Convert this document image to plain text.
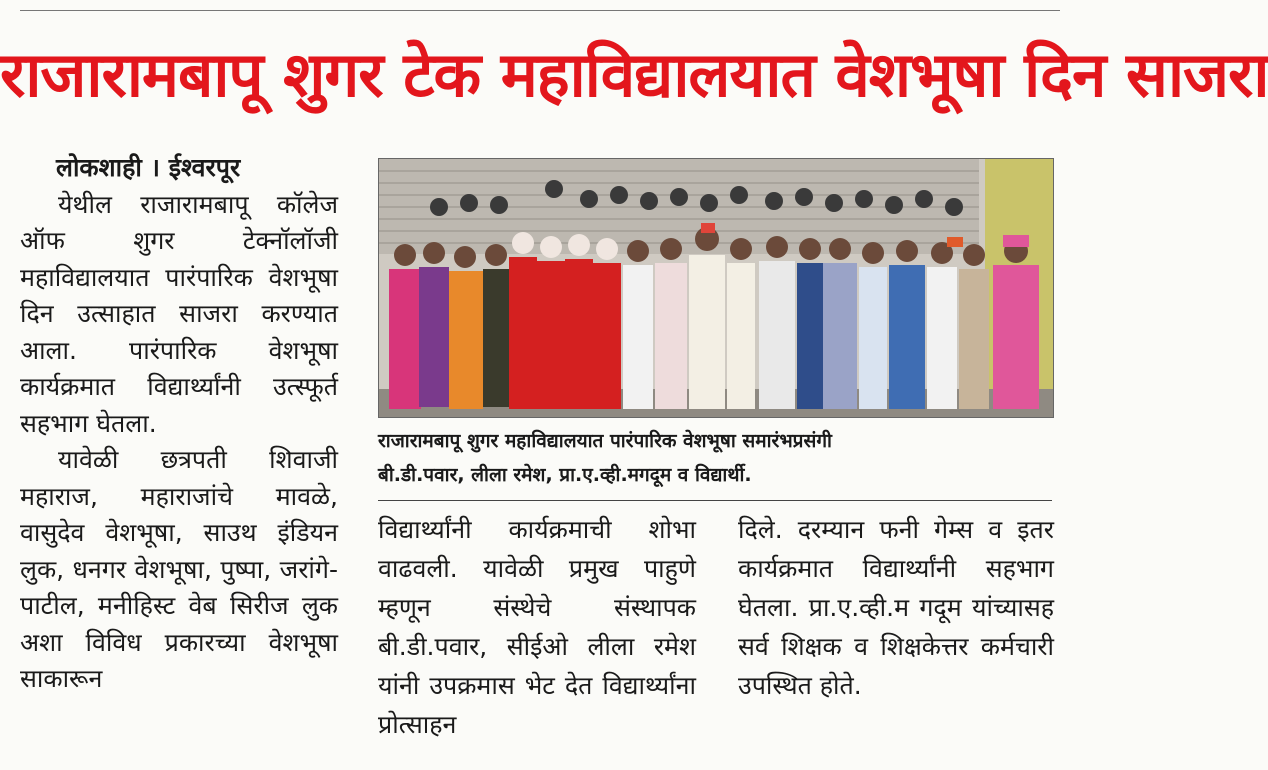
राजारामबापू शुगर टेक महाविद्यालयात वेशभूषा दिन साजरा

लोकशाही । ईश्वरपूर

येथील राजारामबापू कॉलेज ऑफ शुगर टेक्नॉलॉजी महाविद्यालयात पारंपारिक वेशभूषा दिन उत्साहात साजरा करण्यात आला. पारंपारिक वेशभूषा कार्यक्रमात विद्यार्थ्यांनी उत्स्फूर्त सहभाग घेतला.

यावेळी छत्रपती शिवाजी महाराज, महाराजांचे मावळे, वासुदेव वेशभूषा, साउथ इंडियन लुक, धनगर वेशभूषा, पुष्पा, जरांगे-पाटील, मनीहिस्ट वेब सिरीज लुक अशा विविध प्रकारच्या वेशभूषा साकारून

राजारामबापू शुगर महाविद्यालयात पारंपारिक वेशभूषा समारंभप्रसंगी
बी.डी.पवार, लीला रमेश, प्रा.ए.व्ही.मगदूम व विद्यार्थी.

विद्यार्थ्यांनी कार्यक्रमाची शोभा वाढवली. यावेळी प्रमुख पाहुणे म्हणून संस्थेचे संस्थापक बी.डी.पवार, सीईओ लीला रमेश यांनी उपक्रमास भेट देत विद्यार्थ्यांना प्रोत्साहन

दिले. दरम्यान फनी गेम्स व इतर कार्यक्रमात विद्यार्थ्यांनी सहभाग घेतला. प्रा.ए.व्ही.म गदूम यांच्यासह सर्व शिक्षक व शिक्षकेत्तर कर्मचारी उपस्थित होते.
